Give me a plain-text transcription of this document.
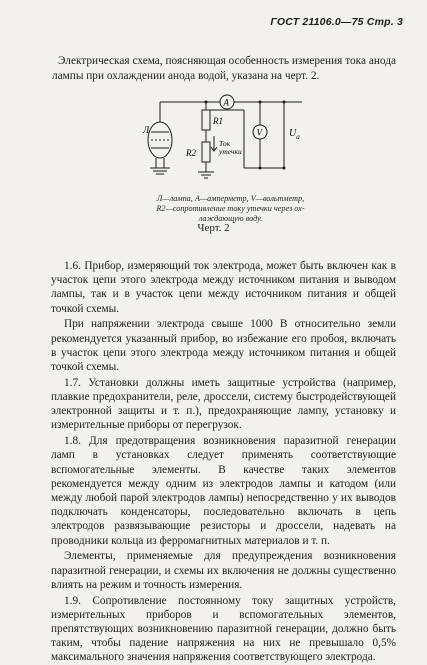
ГОСТ 21106.0—75 Стр. 3
Электрическая схема, поясняющая особенность измерения тока анода лампы при охлаждении анода водой, указана на черт. 2.
Л
R1
R2
A
V	$U_а$
Ток
утечки
Л—лампа, А—амперметр, V—вольтметр,
R2—сопротивление току утечки через ох-
лаждающую воду.
Черт. 2

1.6. Прибор, измеряющий ток электрода, может быть включен как в участок цепи этого электрода между источником питания и выводом лампы, так и в участок цепи между источником питания и общей точкой схемы.

При напряжении электрода свыше 1000 В относительно земли рекомендуется указанный прибор, во избежание его пробоя, включать в участок цепи этого электрода между источником питания и общей точкой схемы.

1.7. Установки должны иметь защитные устройства (например, плавкие предохранители, реле, дроссели, систему быстродействующей электронной защиты и т. п.), предохраняющие лампу, установку и измерительные приборы от перегрузок.

1.8. Для предотвращения возникновения паразитной генерации ламп в установках следует применять соответствующие вспомогательные элементы. В качестве таких элементов рекомендуется между одним из электродов лампы и катодом (или между любой парой электродов лампы) непосредственно у их выводов подключать конденсаторы, последовательно включать в цепь электродов развязывающие резисторы и дроссели, надевать на проводники кольца из ферромагнитных материалов и т. п.

Элементы, применяемые для предупреждения возникновения паразитной генерации, и схемы их включения не должны существенно влиять на режим и точность измерения.

1.9. Сопротивление постоянному току защитных устройств, измерительных приборов и вспомогательных элементов, препятствующих возникновению паразитной генерации, должно быть таким, чтобы падение напряжения на них не превышало 0,5% максимального значения напряжения соответствующего электрода.
